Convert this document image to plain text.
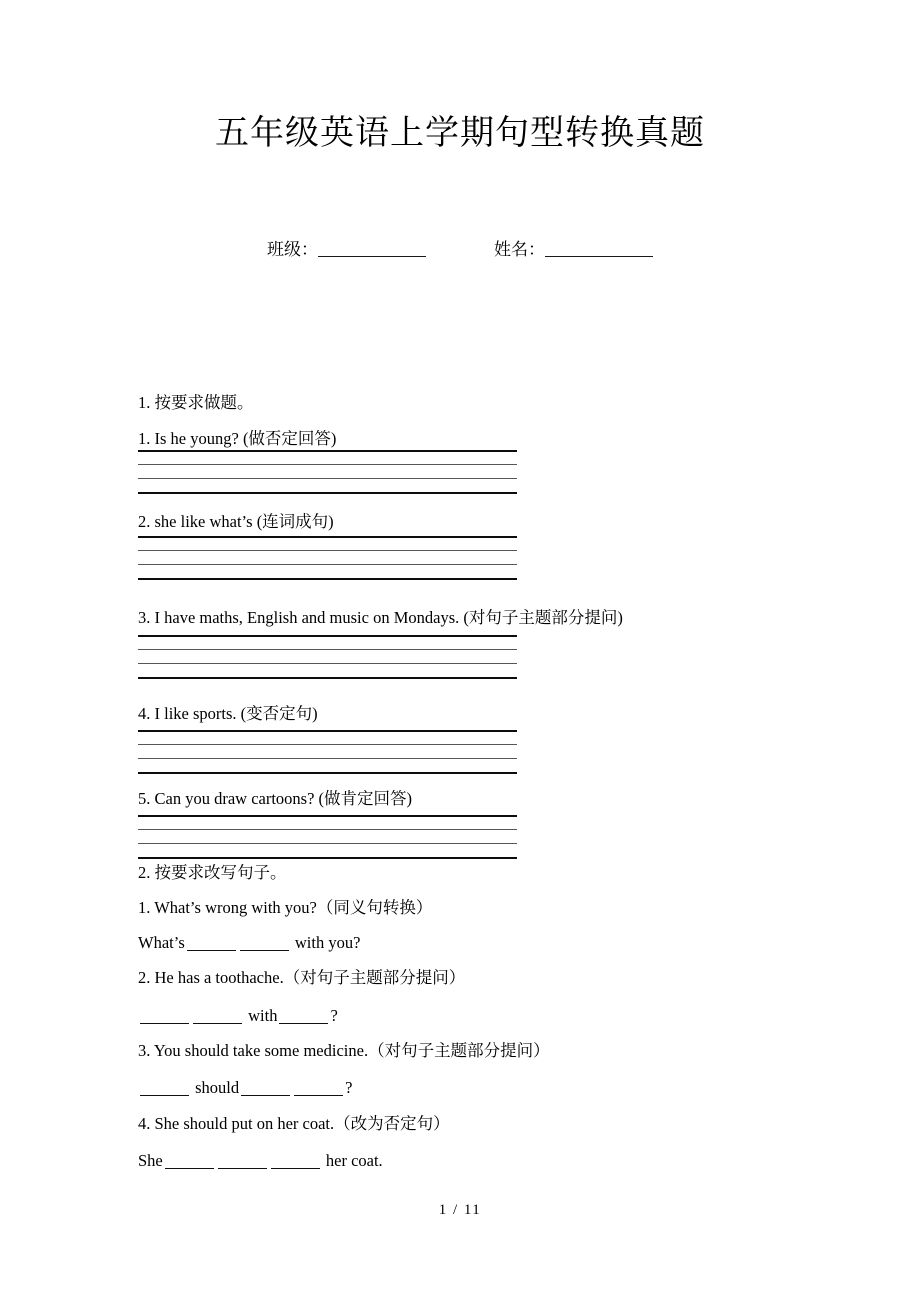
五年级英语上学期句型转换真题
班级：	姓名：
1. 按要求做题。
1. Is he young? (做否定回答)
2. she like what’s (连词成句)
3. I have maths, English and music on Mondays. (对句子主题部分提问)
4. I like sports. (变否定句)
5. Can you draw cartoons? (做肯定回答)
2. 按要求改写句子。
1. What’s wrong with you?（同义句转换）
What’s	with you?
2. He has a toothache.（对句子主题部分提问）
with	?
3. You should take some medicine.（对句子主题部分提问）
should	?
4. She should put on her coat.（改为否定句）
She	her coat.
1 / 11
